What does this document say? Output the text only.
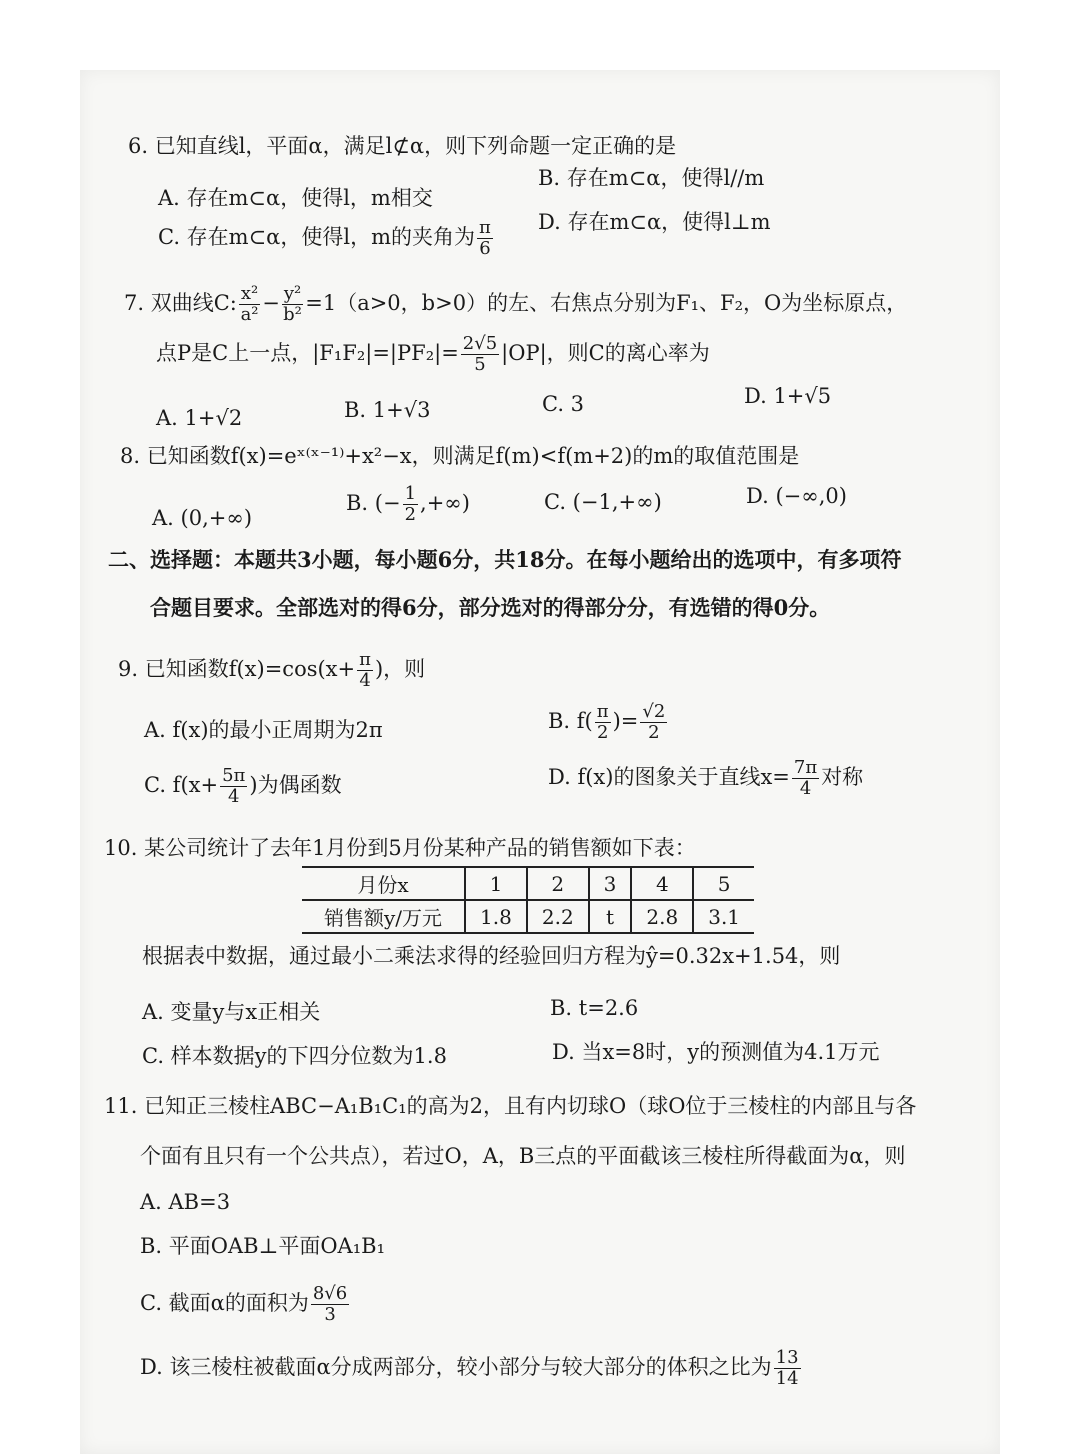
6. 已知直线l，平面α，满足l⊄α，则下列命题一定正确的是
A. 存在m⊂α，使得l，m相交
B. 存在m⊂α，使得l//m
C. 存在m⊂α，使得l，m的夹角为 $\frac{\pi}{6} D$. 存在m⊂α，使得l⊥m
7. 双曲线C: $\frac{\text{x²}}{\text{a²}} - \frac{\text{y²}}{\text{b²}} =1(a>0$，b>0）的左、右焦点分别为F₁、F₂，O为坐标原点，
点P是C上一点，$|F_1F_2|=|PF_2|= \frac{2√5}{5} |OP|$，则C的离心率为
A. 1+√2	B. 1+√3	C. 3	D. 1+√5
8. 已知函数f(x)=eˣ⁽ˣ⁻¹⁾+x²−x，则满足f(m)<f(m+2)的m的取值范围是
A. (0,+∞)
B. (− $\frac{1}{2}$ ,+∞)	C. (−1,+∞)	D. (−∞,0)
二、选择题：本题共3小题，每小题6分，共18分。在每小题给出的选项中，有多项符
合题目要求。全部选对的得6分，部分选对的得部分分，有选错的得0分。
9. 已知函数$f(x)=\cos(x+ \frac{\pi}{4}$ )，则
A. f(x)的最小正周期为2π	B. $f( \frac{\pi}{2}$ )= $\frac{√2}{2}$
C. $f(x+ \frac{5\pi}{4}$ )为偶函数	D. f(x)的图象关于直线$x= \frac{7\pi}{4}$ 对称
10. 某公司统计了去年1月份到5月份某种产品的销售额如下表：
月份x	1	2	3	4	5
销售额y/万元	1.8	2.2	t	2.8	3.1
根据表中数据，通过最小二乘法求得的经验回归方程为ŷ=0.32x+1.54，则
A. 变量y与x正相关	B. t=2.6
C. 样本数据y的下四分位数为1.8	D. 当x=8时，y的预测值为4.1万元
11. 已知正三棱柱ABC−A₁B₁C₁的高为2，且有内切球O（球O位于三棱柱的内部且与各
个面有且只有一个公共点），若过O，A，B三点的平面截该三棱柱所得截面为α，则
A. AB=3
B. 平面OAB⊥平面OA₁B₁
C. 截面α的面积为 $\frac{8√6}{3}$
D. 该三棱柱被截面α分成两部分，较小部分与较大部分的体积之比为 $\frac{13}{14}$
